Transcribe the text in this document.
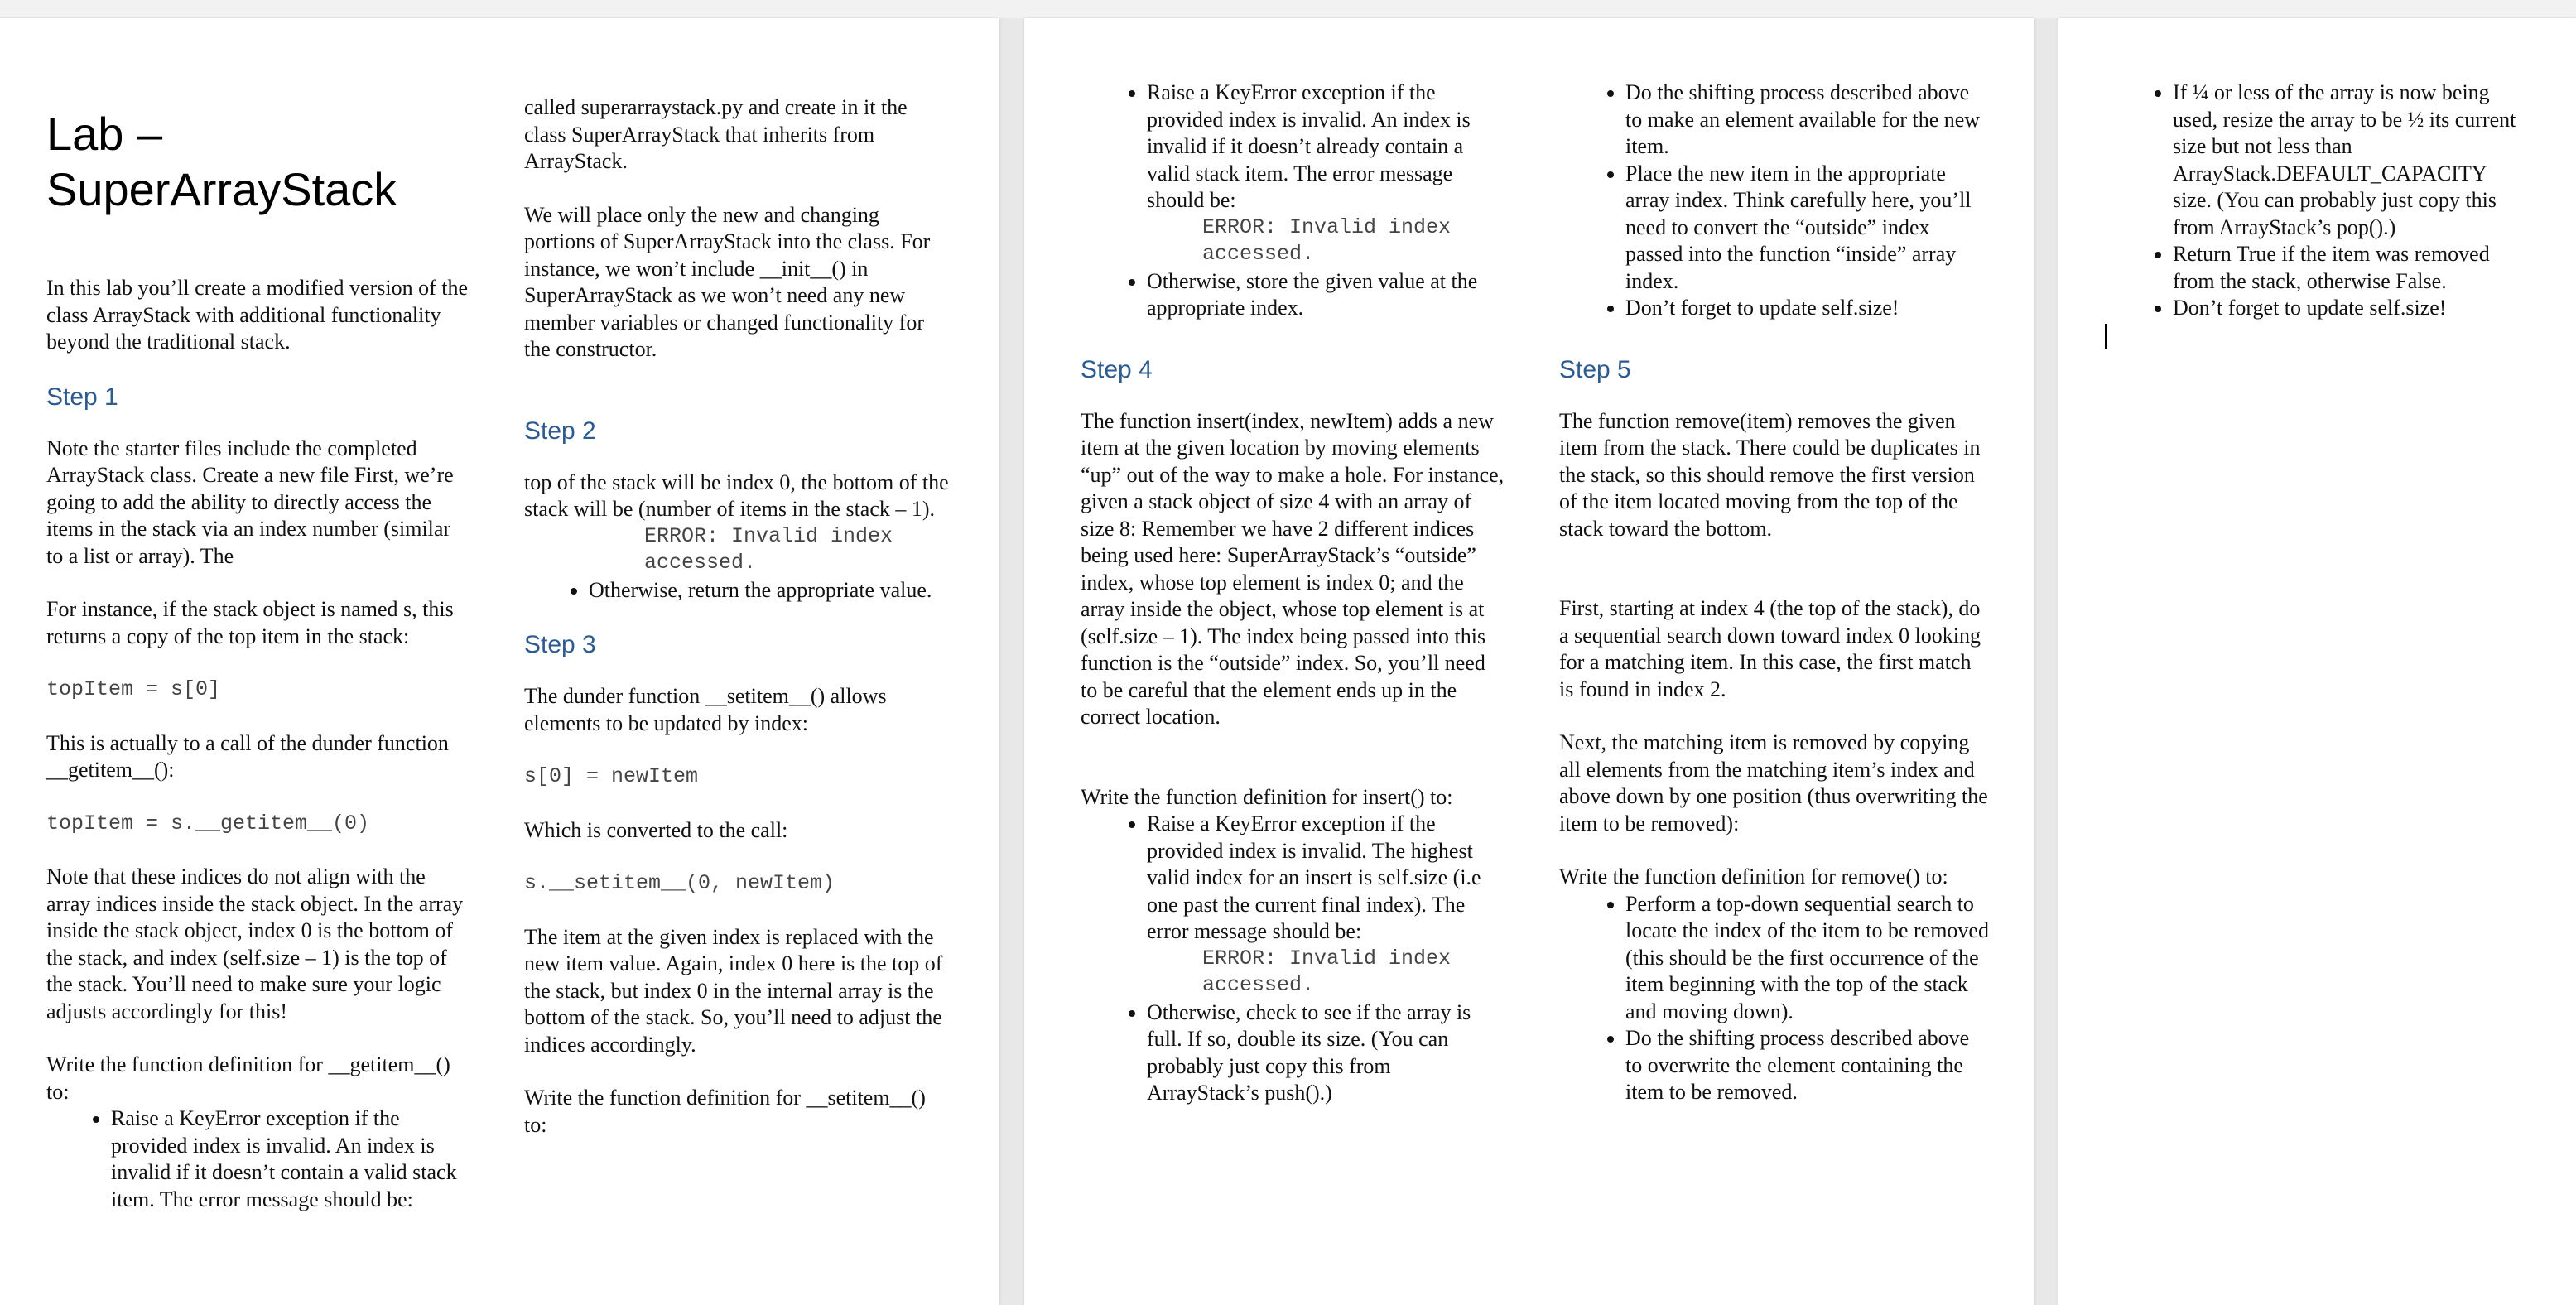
Lab – SuperArrayStack

In this lab you’ll create a modified version of the class ArrayStack with additional functionality beyond the traditional stack.

Step 1

Note the starter files include the completed ArrayStack class. Create a new file First, we’re going to add the ability to directly access the items in the stack via an index number (similar to a list or array). The

For instance, if the stack object is named s, this returns a copy of the top item in the stack:

topItem = s[0]

This is actually to a call of the dunder function __getitem__():

topItem = s.__getitem__(0)

Note that these indices do not align with the array indices inside the stack object. In the array inside the stack object, index 0 is the bottom of the stack, and index (self.size – 1) is the top of the stack. You’ll need to make sure your logic adjusts accordingly for this!

Write the function definition for __getitem__() to:

• Raise a KeyError exception if the provided index is invalid. An index is invalid if it doesn’t contain a valid stack item. The error message should be:

called superarraystack.py and create in it the class SuperArrayStack that inherits from ArrayStack.

We will place only the new and changing portions of SuperArrayStack into the class. For instance, we won’t include __init__() in SuperArrayStack as we won’t need any new member variables or changed functionality for the constructor.

Step 2

top of the stack will be index 0, the bottom of the stack will be (number of items in the stack – 1).

ERROR: Invalid index accessed.
• Otherwise, return the appropriate value.
Step 3

The dunder function __setitem__() allows elements to be updated by index:

s[0] = newItem

Which is converted to the call:

s.__setitem__(0, newItem)

The item at the given index is replaced with the new item value. Again, index 0 here is the top of the stack, but index 0 in the internal array is the bottom of the stack. So, you’ll need to adjust the indices accordingly.

Write the function definition for __setitem__() to:

• Raise a KeyError exception if the provided index is invalid. An index is invalid if it doesn’t already contain a valid stack item. The error message should be:
ERROR: Invalid index accessed.
• Otherwise, store the given value at the appropriate index.
Step 4

The function insert(index, newItem) adds a new item at the given location by moving elements “up” out of the way to make a hole. For instance, given a stack object of size 4 with an array of size 8: Remember we have 2 different indices being used here: SuperArrayStack’s “outside” index, whose top element is index 0; and the array inside the object, whose top element is at (self.size – 1). The index being passed into this function is the “outside” index. So, you’ll need to be careful that the element ends up in the correct location.

Write the function definition for insert() to:

• Raise a KeyError exception if the provided index is invalid. The highest valid index for an insert is self.size (i.e one past the current final index). The error message should be:
ERROR: Invalid index accessed.
• Otherwise, check to see if the array is full. If so, double its size. (You can probably just copy this from ArrayStack’s push().)
• Do the shifting process described above to make an element available for the new item.
• Place the new item in the appropriate array index. Think carefully here, you’ll need to convert the “outside” index passed into the function “inside” array index.
• Don’t forget to update self.size!
Step 5

The function remove(item) removes the given item from the stack. There could be duplicates in the stack, so this should remove the first version of the item located moving from the top of the stack toward the bottom.

First, starting at index 4 (the top of the stack), do a sequential search down toward index 0 looking for a matching item. In this case, the first match is found in index 2.

Next, the matching item is removed by copying all elements from the matching item’s index and above down by one position (thus overwriting the item to be removed):

Write the function definition for remove() to:

• Perform a top-down sequential search to locate the index of the item to be removed (this should be the first occurrence of the item beginning with the top of the stack and moving down).
• Do the shifting process described above to overwrite the element containing the item to be removed.
• If ¼ or less of the array is now being used, resize the array to be ½ its current size but not less than ArrayStack.DEFAULT_CAPACITY size. (You can probably just copy this from ArrayStack’s pop().)
• Return True if the item was removed from the stack, otherwise False.
• Don’t forget to update self.size!
